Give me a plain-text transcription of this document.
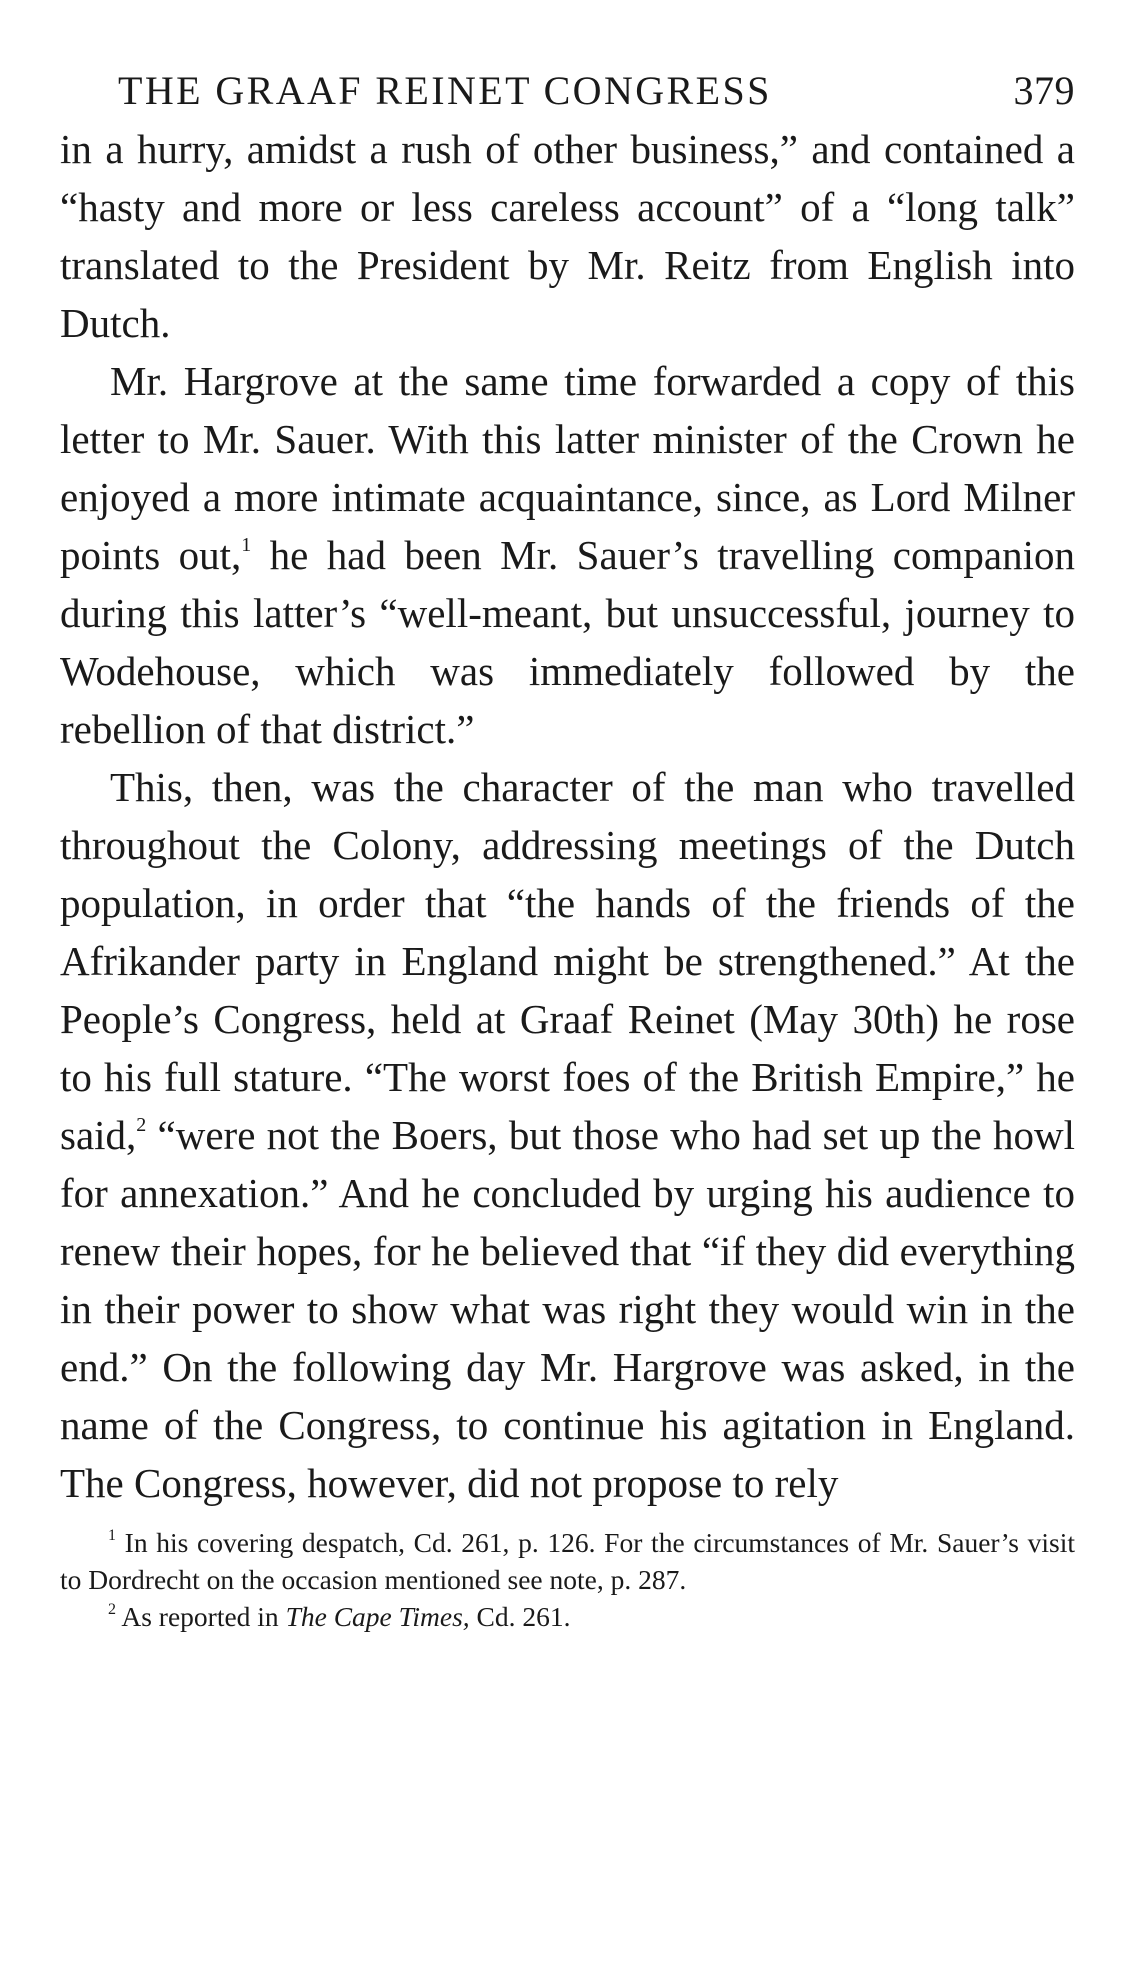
THE GRAAF REINET CONGRESS	379

in a hurry, amidst a rush of other business,” and contained a “hasty and more or less careless account” of a “long talk” translated to the President by Mr. Reitz from English into Dutch.

Mr. Hargrove at the same time forwarded a copy of this letter to Mr. Sauer. With this latter minister of the Crown he enjoyed a more intimate acquaintance, since, as Lord Milner points out,$^1$ he had been Mr. Sauer’s travelling companion during this latter’s “well-meant, but unsuccessful, journey to Wodehouse, which was immediately followed by the rebellion of that district.”

This, then, was the character of the man who travelled throughout the Colony, addressing meetings of the Dutch population, in order that “the hands of the friends of the Afrikander party in England might be strengthened.” At the People’s Congress, held at Graaf Reinet (May 30th) he rose to his full stature. “The worst foes of the British Empire,” he said,$^2$ “were not the Boers, but those who had set up the howl for annexation.” And he concluded by urging his audience to renew their hopes, for he believed that “if they did everything in their power to show what was right they would win in the end.” On the following day Mr. Hargrove was asked, in the name of the Congress, to continue his agitation in England. The Congress, however, did not propose to rely

$^1$ In his covering despatch, Cd. 261, p. 126. For the circumstances of Mr. Sauer’s visit to Dordrecht on the occasion mentioned see note, p. 287.

$^2$ As reported in The Cape Times, Cd. 261.
